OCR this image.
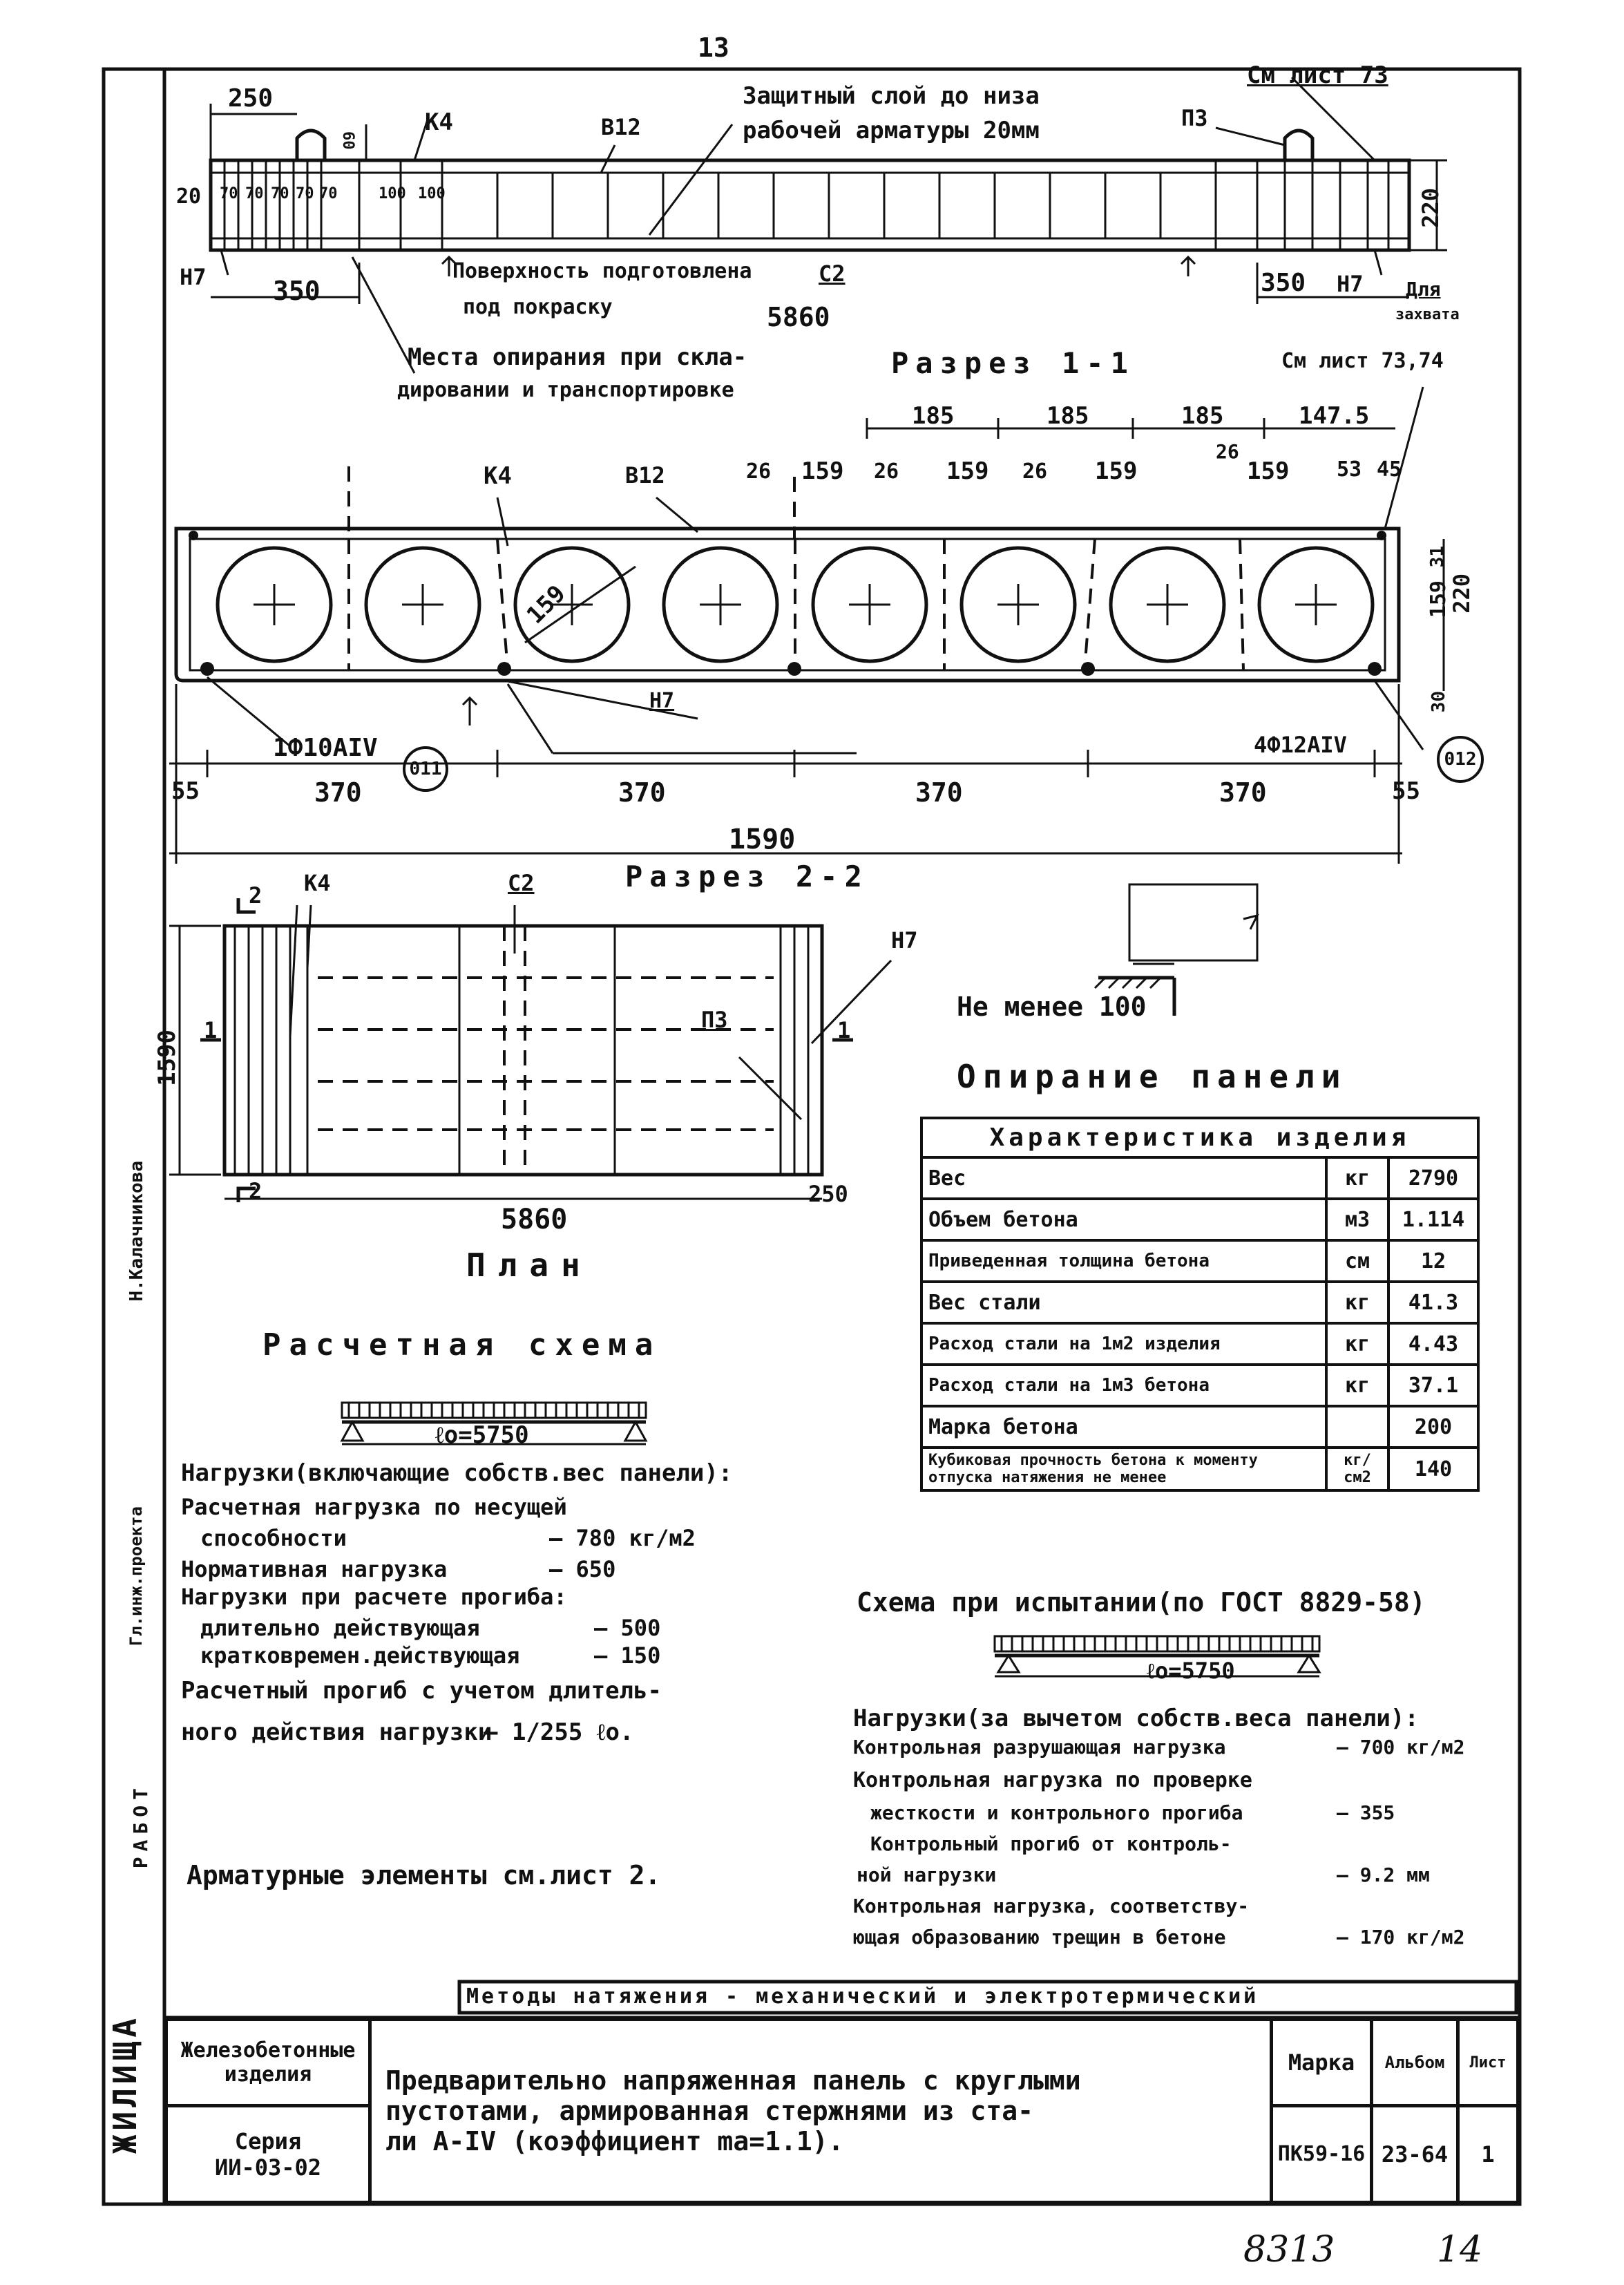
13
См лист 73
Защитный слой до низа
рабочей арматуры 20мм
250
60
20 70 70 70 70 70	100 100
К4	В12	П3
Н7	Н7
С2
350	350
5860
220
Поверхность подготовлена
под покраску
Для
захвата
Места опирания при скла-
дировании и транспортировке
Разрез 1-1	См лист 73,74
185	185	185	147.5
26 159 26 159 26 159
26
159 53 45
159	159
31
220
30
К4	В12
Н7
1Ф10АIV	4Ф12АIV
011	012
55	370	370	370	370	55
1590
Разрез 2-2
К4	С2
Н7
П3
2
2
1	1
1590
5860
250
План
Не менее 100
Опирание панели
Характеристика изделия		
Вес	кг	2790
Объем бетона	м3	1.114
Приведенная толщина бетона	см	12
Вес стали	кг	41.3
Расход стали на 1м2 изделия	кг	4.43
Расход стали на 1м3 бетона	кг	37.1
Марка бетона		200
Кубиковая прочность бетона к моменту отпуска натяжения не менее	кг/см2	140
Расчетная схема
ℓо=5750
Нагрузки(включающие собств.вес панели):
Расчетная нагрузка по несущей
способности	— 780 кг/м2
Нормативная нагрузка	— 650
Нагрузки при расчете прогиба:
длительно действующая	— 500
кратковремен.действующая	— 150
Расчетный прогиб с учетом длитель-
ного действия нагрузки
— 1/255 ℓо.
Арматурные элементы см.лист 2.
Схема при испытании(по ГОСТ 8829-58)
ℓо=5750
Нагрузки(за вычетом собств.веса панели):
Контрольная разрушающая нагрузка	— 700 кг/м2
Контрольная нагрузка по проверке
жесткости и контрольного прогиба	— 355
Контрольный прогиб от контроль-
ной нагрузки	— 9.2 мм
Контрольная нагрузка, соответству-
ющая образованию трещин в бетоне	— 170 кг/м2
Методы натяжения - механический и электротермический
ЖИЛИЩА
Гл.инж.проекта
Н.Калачникова
РАБОТ
Железобетонные
изделия
Серия
ИИ-03-02
Предварительно напряженная панель с круглыми
пустотами, армированная стержнями из ста-
ли А-IV (коэффициент ma=1.1).
Марка Альбом Лист
ПК59-16 23-64 1
8313	14
